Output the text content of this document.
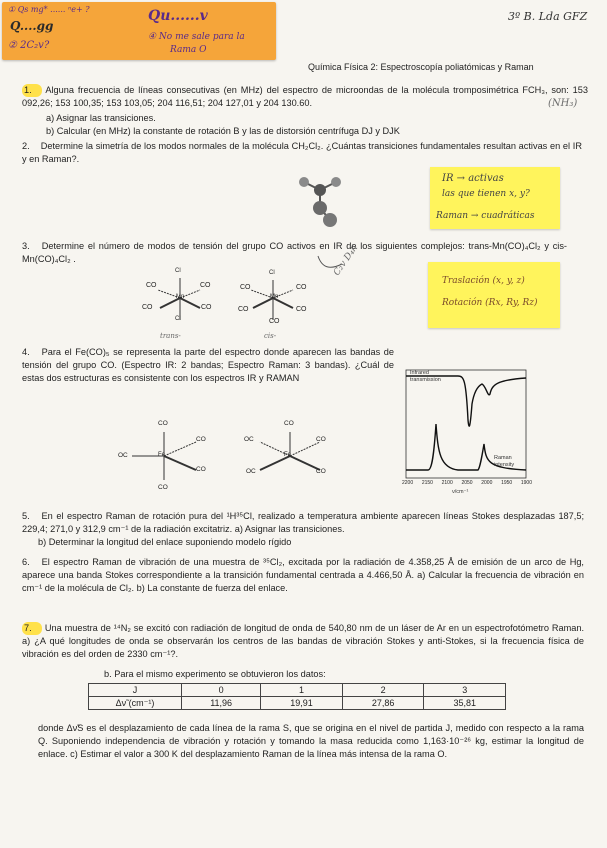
① Qs mg* ...... ⁿe+ ?
Q....gg
② 2C₂v?
Qu......v
④ No me sale para la
Rama O
3º B. Lda GFZ
Química Física 2: Espectroscopía poliatómicas y Raman
1. Alguna frecuencia de líneas consecutivas (en MHz) del espectro de microondas de la molécula tromposimétrica FCH₃, son: 153 092,26; 153 100,35; 153 103,05; 204 116,51; 204 127,01 y 204 130.60.	(NH₃)
a) Asignar las transiciones.
b) Calcular (en MHz) la constante de rotación B y las de distorsión centrífuga DJ y DJK
2. Determine la simetría de los modos normales de la molécula CH₂Cl₂. ¿Cuántas transiciones fundamentales resultan activas en el IR y en Raman?.
IR → activas
las que tienen x, y?
Raman → cuadráticas
3. Determine el número de modos de tensión del grupo CO activos en IR de los siguientes complejos: trans-Mn(CO)₄Cl₂ y cis- Mn(CO)₄Cl₂ .
Cl
Cl
Mn
CO	CO
CO	CO
trans-
Cl
CO
Mn
CO	CO
CO	CO
cis-
C₂v D₄h
Traslación (x, y, z)
Rotación (Rx, Ry, Rz)
4. Para el Fe(CO)₅ se representa la parte del espectro donde aparecen las bandas de tensión del grupo CO. (Espectro IR: 2 bandas; Espectro Raman: 3 bandas). ¿Cuál de estas dos estructuras es consistente con los espectros IR y RAMAN
CO
CO
OC
CO
CO
Fe
CO
OC	CO
OC	CO
Fe
Infrared
transmission
Raman
intensity
2200 2150 2100 2050 2000 1950 1900
ν/cm⁻¹
5. En el espectro Raman de rotación pura del ¹H³⁵Cl, realizado a temperatura ambiente aparecen líneas Stokes desplazadas 187,5; 229,4; 271,0 y 312,9 cm⁻¹ de la radiación excitatriz. a) Asignar las transiciones.
b) Determinar la longitud del enlace suponiendo modelo rígido
6. El espectro Raman de vibración de una muestra de ³⁵Cl₂, excitada por la radiación de 4.358,25 Å de emisión de un arco de Hg, aparece una banda Stokes correspondiente a la transición fundamental centrada a 4.466,50 Å. a) Calcular la frecuencia de vibración en cm⁻¹ de la molécula de Cl₂. b) La constante de fuerza del enlace.
7. Una muestra de ¹⁴N₂ se excitó con radiación de longitud de onda de 540,80 nm de un láser de Ar en un espectrofotómetro Raman. a) ¿A qué longitudes de onda se observarán los centros de las bandas de vibración Stokes y anti-Stokes, si la frecuencia física de vibración es del orden de 2330 cm⁻¹?.
b. Para el mismo experimento se obtuvieron los datos:
J	0	1	2	3
Δν̃ (cm⁻¹)	11,96	19,91	27,86	35,81
donde Δν̃S es el desplazamiento de cada línea de la rama S, que se origina en el nivel de partida J, medido con respecto a la rama Q. Suponiendo independencia de vibración y rotación y tomando la masa reducida como 1,163·10⁻²⁶ kg, estimar la longitud de enlace. c) Estimar el valor a 300 K del desplazamiento Raman de la línea más intensa de la rama O.
